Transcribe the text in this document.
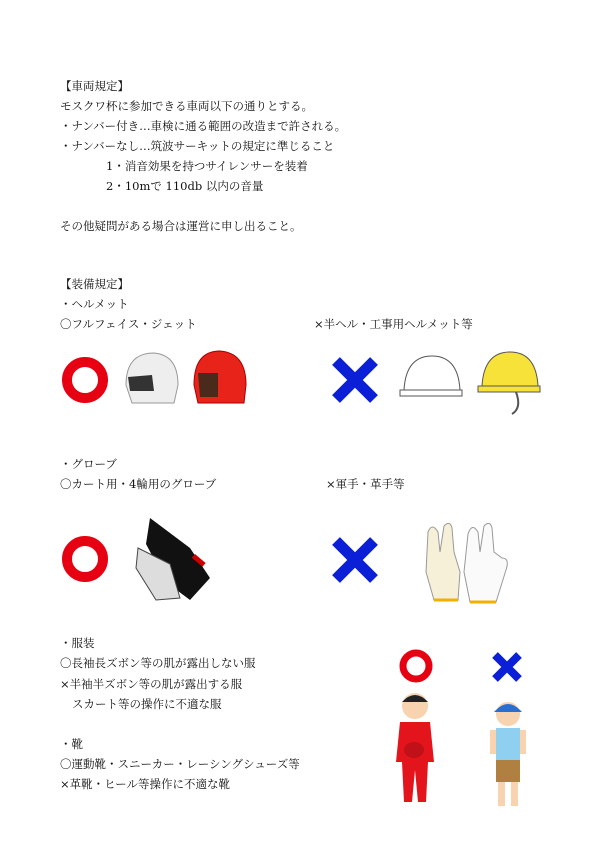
【車両規定】
モスクワ杯に参加できる車両以下の通りとする。
・ナンバー付き…車検に通る範囲の改造まで許される。
・ナンバーなし…筑波サーキットの規定に準じること
1・消音効果を持つサイレンサーを装着
2・10mで 110db 以内の音量
その他疑問がある場合は運営に申し出ること。
【装備規定】
・ヘルメット
〇フルフェイス・ジェット	×半ヘル・工事用ヘルメット等
・グローブ
〇カート用・4輪用のグローブ	×軍手・革手等
・服装
〇長袖長ズボン等の肌が露出しない服
×半袖半ズボン等の肌が露出する服
スカート等の操作に不適な服
・靴
〇運動靴・スニーカー・レーシングシューズ等
×革靴・ヒール等操作に不適な靴
